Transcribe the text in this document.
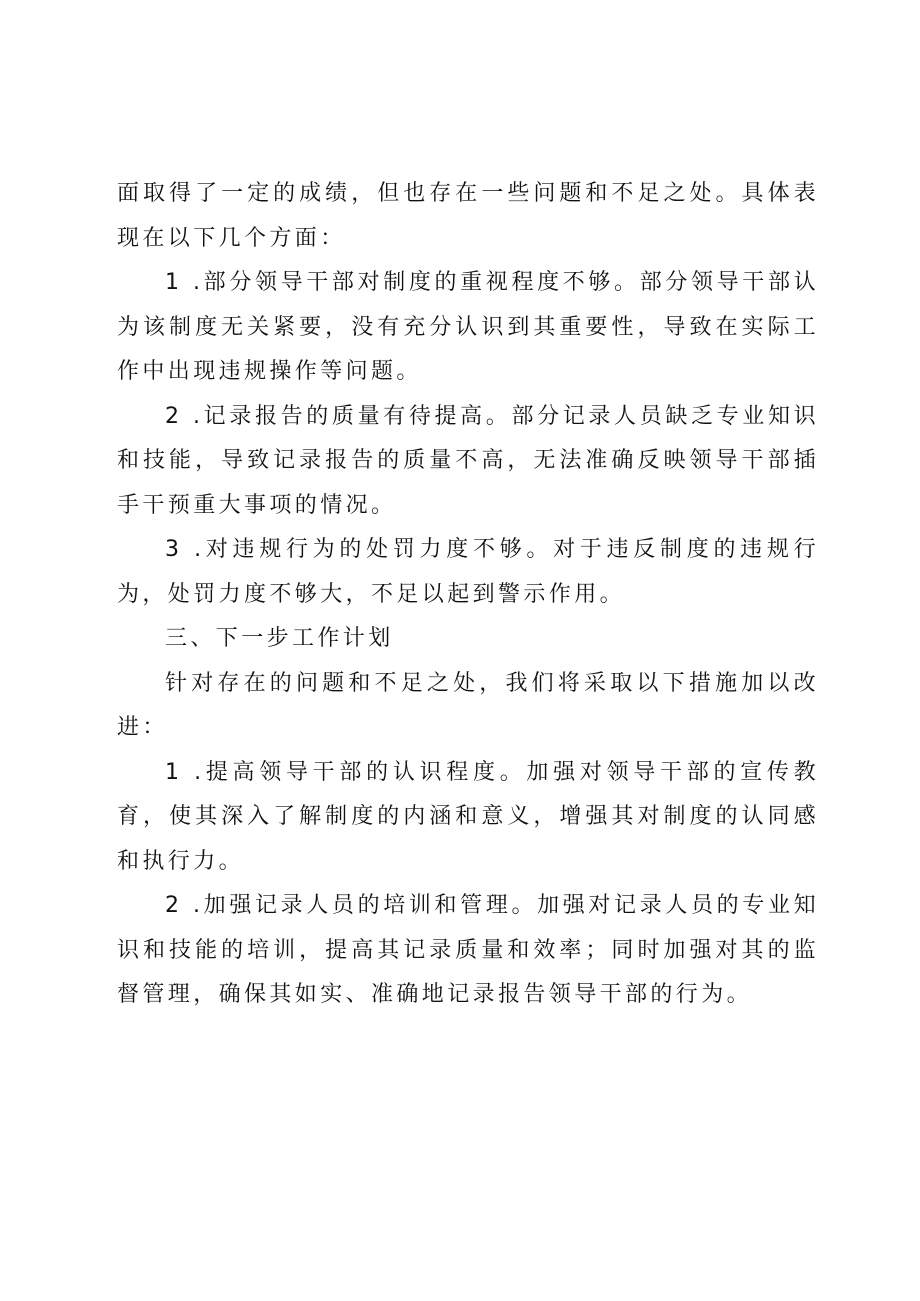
面取得了一定的成绩，但也存在一些问题和不足之处。具体表现在以下几个方面：

1 .部分领导干部对制度的重视程度不够。部分领导干部认为该制度无关紧要，没有充分认识到其重要性，导致在实际工作中出现违规操作等问题。

2 .记录报告的质量有待提高。部分记录人员缺乏专业知识和技能，导致记录报告的质量不高，无法准确反映领导干部插手干预重大事项的情况。

3 .对违规行为的处罚力度不够。对于违反制度的违规行为，处罚力度不够大，不足以起到警示作用。

三、下一步工作计划

针对存在的问题和不足之处，我们将采取以下措施加以改进：

1 .提高领导干部的认识程度。加强对领导干部的宣传教育，使其深入了解制度的内涵和意义，增强其对制度的认同感和执行力。

2 .加强记录人员的培训和管理。加强对记录人员的专业知识和技能的培训，提高其记录质量和效率；同时加强对其的监督管理，确保其如实、准确地记录报告领导干部的行为。
